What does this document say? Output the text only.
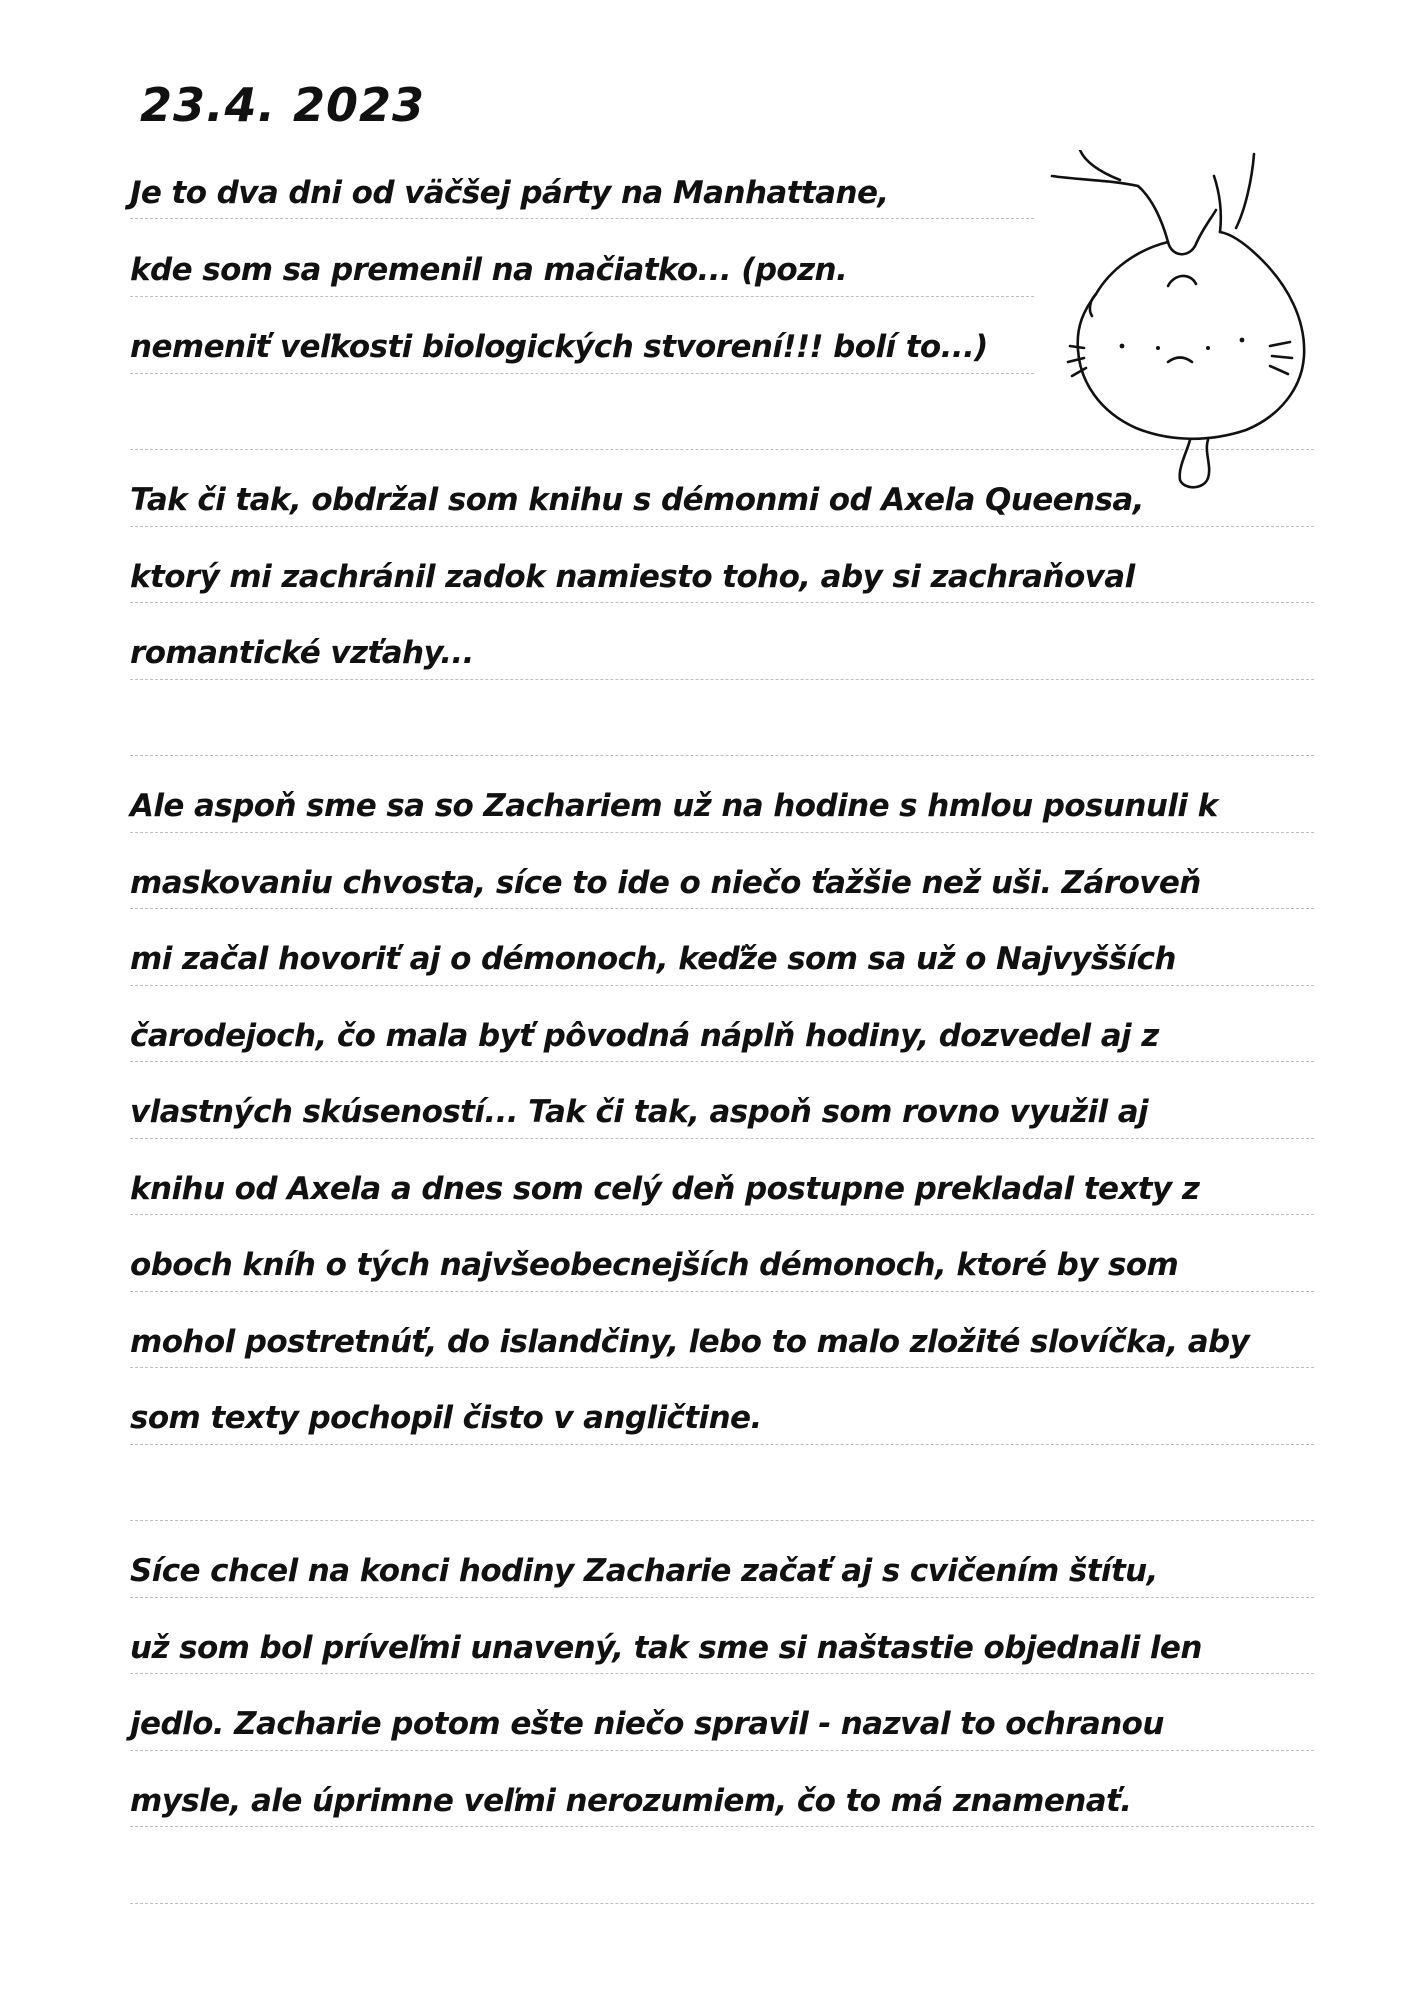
23.4. 2023
Je to dva dni od väčšej párty na Manhattane,
kde som sa premenil na mačiatko... (pozn.
nemeniť veľkosti biologických stvorení!!! bolí to...)
Tak či tak, obdržal som knihu s démonmi od Axela Queensa,
ktorý mi zachránil zadok namiesto toho, aby si zachraňoval
romantické vzťahy...
Ale aspoň sme sa so Zachariem už na hodine s hmlou posunuli k
maskovaniu chvosta, síce to ide o niečo ťažšie než uši. Zároveň
mi začal hovoriť aj o démonoch, keďže som sa už o Najvyšších
čarodejoch, čo mala byť pôvodná náplň hodiny, dozvedel aj z
vlastných skúseností... Tak či tak, aspoň som rovno využil aj
knihu od Axela a dnes som celý deň postupne prekladal texty z
oboch kníh o tých najvšeobecnejších démonoch, ktoré by som
mohol postretnúť, do islandčiny, lebo to malo zložité slovíčka, aby
som texty pochopil čisto v angličtine.
Síce chcel na konci hodiny Zacharie začať aj s cvičením štítu,
už som bol príveľmi unavený, tak sme si naštastie objednali len
jedlo. Zacharie potom ešte niečo spravil - nazval to ochranou
mysle, ale úprimne veľmi nerozumiem, čo to má znamenať.
